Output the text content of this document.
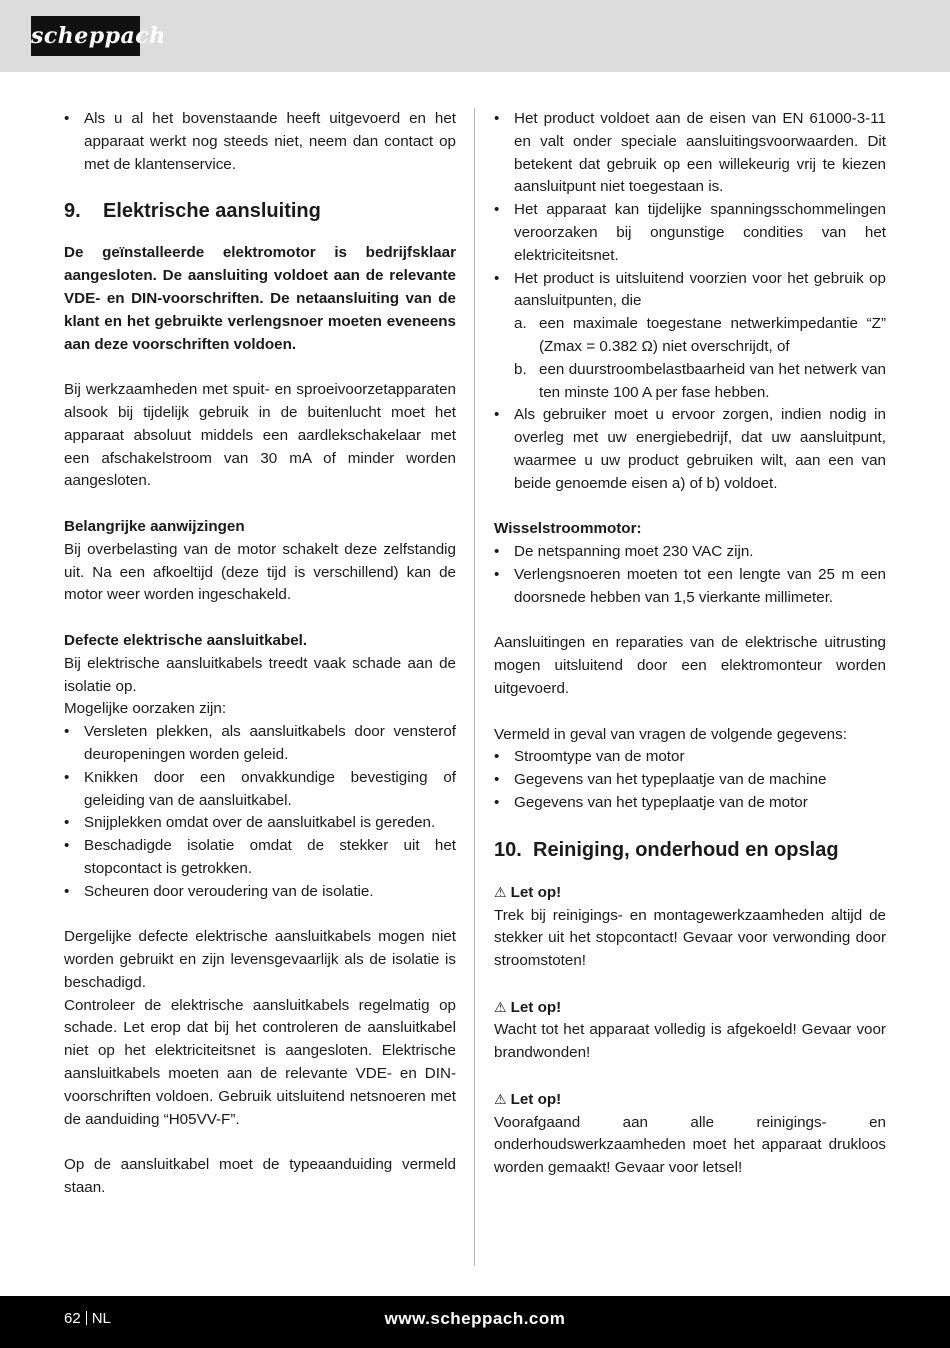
scheppach
• Als u al het bovenstaande heeft uitgevoerd en het apparaat werkt nog steeds niet, neem dan contact op met de klantenservice.
9.	Elektrische aansluiting

De geïnstalleerde elektromotor is bedrijfsklaar aangesloten. De aansluiting voldoet aan de relevante VDE- en DIN-voorschriften. De netaansluiting van de klant en het gebruikte verlengsnoer moeten eveneens aan deze voorschriften voldoen.

Bij werkzaamheden met spuit- en sproeivoorzetapparaten alsook bij tijdelijk gebruik in de buitenlucht moet het apparaat absoluut middels een aardlekschakelaar met een afschakelstroom van 30 mA of minder worden aangesloten.

Belangrijke aanwijzingen

Bij overbelasting van de motor schakelt deze zelfstandig uit. Na een afkoeltijd (deze tijd is verschillend) kan de motor weer worden ingeschakeld.

Defecte elektrische aansluitkabel.

Bij elektrische aansluitkabels treedt vaak schade aan de isolatie op.

Mogelijke oorzaken zijn:

• Versleten plekken, als aansluitkabels door vensterof deuropeningen worden geleid.
• Knikken door een onvakkundige bevestiging of geleiding van de aansluitkabel.
• Snijplekken omdat over de aansluitkabel is gereden.
• Beschadigde isolatie omdat de stekker uit het stopcontact is getrokken.
• Scheuren door veroudering van de isolatie.

Dergelijke defecte elektrische aansluitkabels mogen niet worden gebruikt en zijn levensgevaarlijk als de isolatie is beschadigd.

Controleer de elektrische aansluitkabels regelmatig op schade. Let erop dat bij het controleren de aansluitkabel niet op het elektriciteitsnet is aangesloten. Elektrische aansluitkabels moeten aan de relevante VDE- en DIN-voorschriften voldoen. Gebruik uitsluitend netsnoeren met de aanduiding “H05VV-F”.

Op de aansluitkabel moet de typeaanduiding vermeld staan.

• Het product voldoet aan de eisen van EN 61000-3-11 en valt onder speciale aansluitingsvoorwaarden. Dit betekent dat gebruik op een willekeurig vrij te kiezen aansluitpunt niet toegestaan is.
• Het apparaat kan tijdelijke spanningsschommelingen veroorzaken bij ongunstige condities van het elektriciteitsnet.
• Het product is uitsluitend voorzien voor het gebruik op aansluitpunten, die
a. een maximale toegestane netwerkimpedantie “Z” (Zmax = 0.382 Ω) niet overschrijdt, of
b. een duurstroombelastbaarheid van het netwerk van ten minste 100 A per fase hebben.
• Als gebruiker moet u ervoor zorgen, indien nodig in overleg met uw energiebedrijf, dat uw aansluitpunt, waarmee u uw product gebruiken wilt, aan een van beide genoemde eisen a) of b) voldoet.

Wisselstroommotor:

• De netspanning moet 230 VAC zijn.
• Verlengsnoeren moeten tot een lengte van 25 m een doorsnede hebben van 1,5 vierkante millimeter.

Aansluitingen en reparaties van de elektrische uitrusting mogen uitsluitend door een elektromonteur worden uitgevoerd.

Vermeld in geval van vragen de volgende gegevens:

• Stroomtype van de motor
• Gegevens van het typeplaatje van de machine
• Gegevens van het typeplaatje van de motor
10. Reiniging, onderhoud en opslag

⚠ Let op!

Trek bij reinigings- en montagewerkzaamheden altijd de stekker uit het stopcontact! Gevaar voor verwonding door stroomstoten!

⚠ Let op!

Wacht tot het apparaat volledig is afgekoeld! Gevaar voor brandwonden!

⚠ Let op!

Voorafgaand aan alle reinigings- en onderhoudswerkzaamheden moet het apparaat drukloos worden gemaakt! Gevaar voor letsel!

62 NL	www.scheppach.com
